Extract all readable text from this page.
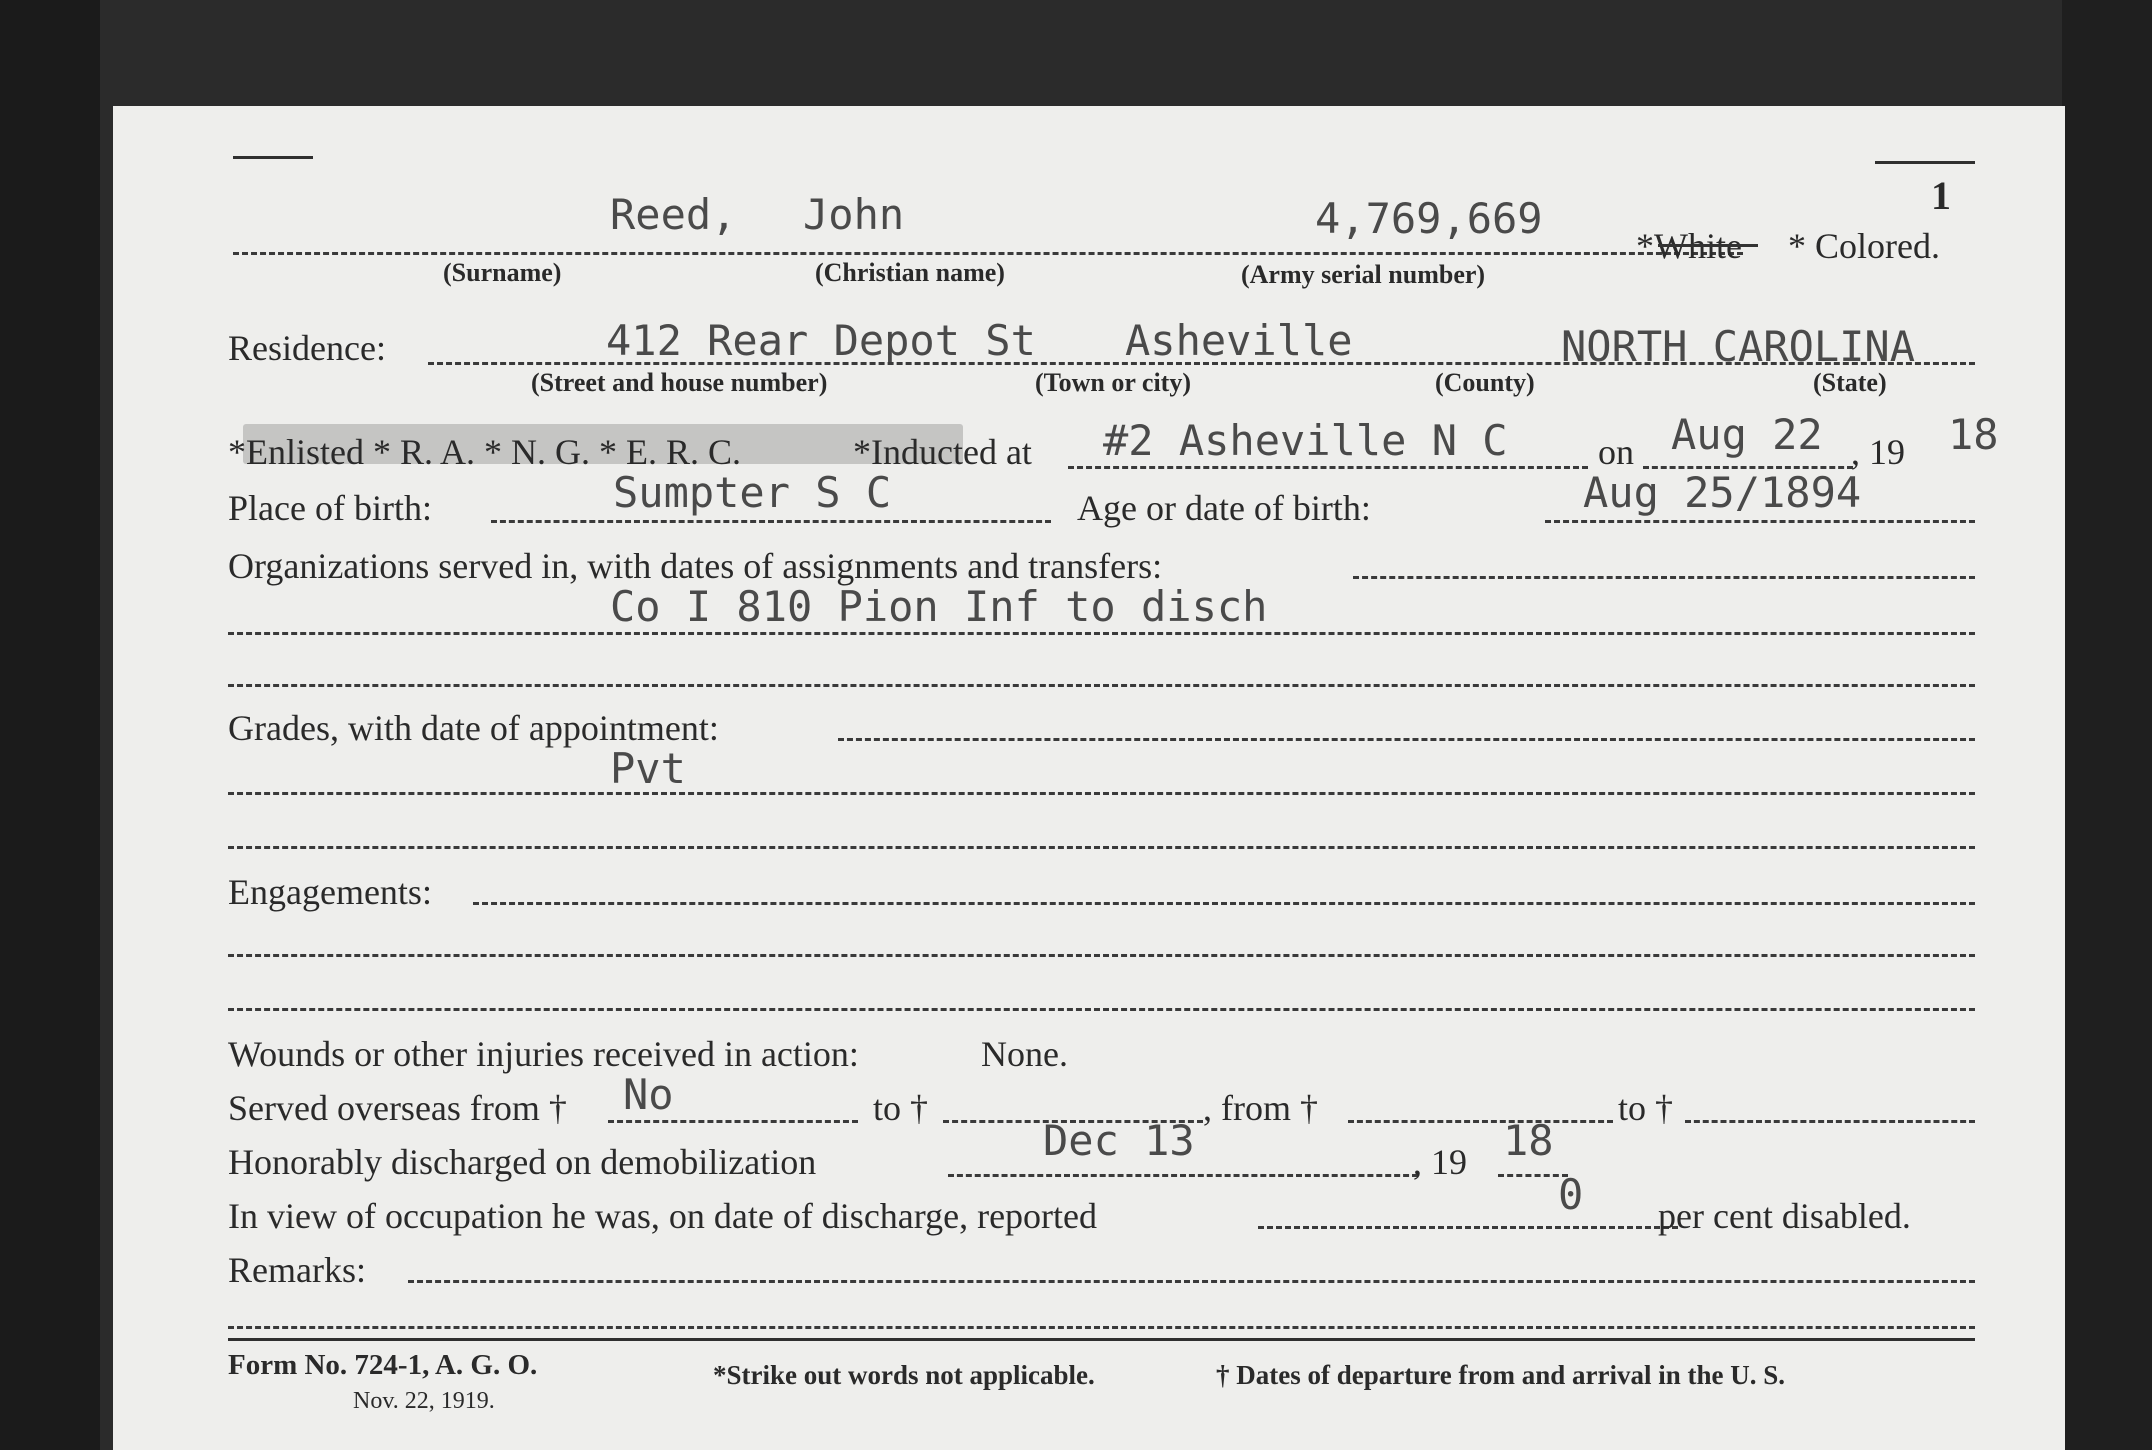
1
Reed, John	4,769,669
*White * Colored.
(Surname)	(Christian name)	(Army serial number)
Residence:	412 Rear Depot St Asheville	NORTH CAROLINA
(Street and house number)	(Town or city)	(County)	(State)
*Enlisted * R. A. * N. G. * E. R. C.	*Inducted at #2 Asheville N C	on Aug 22 , 19 18
Place of birth:	Sumpter S C	Age or date of birth:	Aug 25/1894
Organizations served in, with dates of assignments and transfers:
Co I 810 Pion Inf to disch
Grades, with date of appointment:
Pvt
Engagements:
Wounds or other injuries received in action:	None.
Served overseas from † No	to †	, from †	to †
Honorably discharged on demobilization	Dec 13	, 19 18
In view of occupation he was, on date of discharge, reported	0 per cent disabled.
Remarks:
Form No. 724-1, A. G. O.
Nov. 22, 1919.
*Strike out words not applicable.	† Dates of departure from and arrival in the U. S.
